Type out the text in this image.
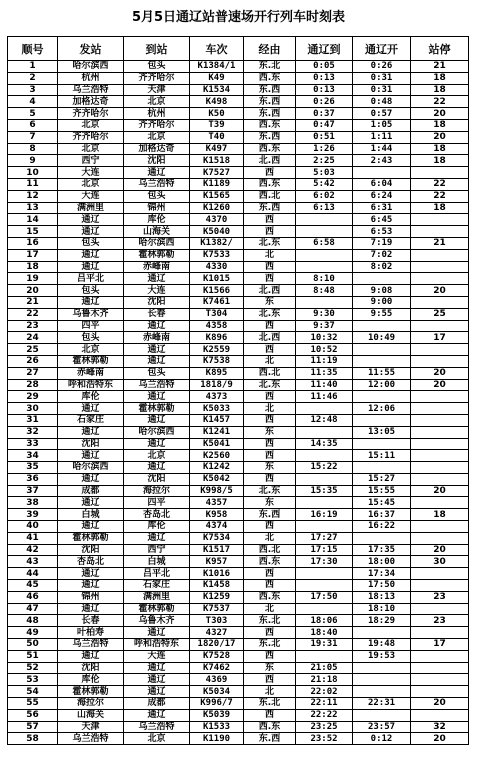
5月5日通辽站普速场开行列车时刻表
顺号	发站	到站	车次	经由	通辽到	通辽开	站停
1	哈尔滨西	包头	K1384/1	东.北	0:05	0:26	21
2	杭州	齐齐哈尔	K49	西.东	0:13	0:31	18
3	乌兰浩特	天津	K1534	东.西	0:13	0:31	18
4	加格达奇	北京	K498	东.西	0:26	0:48	22
5	齐齐哈尔	杭州	K50	东.西	0:37	0:57	20
6	北京	齐齐哈尔	T39	西.东	0:47	1:05	18
7	齐齐哈尔	北京	T40	东.西	0:51	1:11	20
8	北京	加格达奇	K497	西.东	1:26	1:44	18
9	西宁	沈阳	K1518	北.西	2:25	2:43	18
10	大连	通辽	K7527	西	5:03		
11	北京	乌兰浩特	K1189	西.东	5:42	6:04	22
12	大连	包头	K1565	西.北	6:02	6:24	22
13	满洲里	锦州	K1260	东.西	6:13	6:31	18
14	通辽	库伦	4370	西		6:45	
15	通辽	山海关	K5040	西		6:53	
16	包头	哈尔滨西	K1382/	北.东	6:58	7:19	21
17	通辽	霍林郭勒	K7533	北		7:02	
18	通辽	赤峰南	4330	西		8:02	
19	吕平北	通辽	K1015	西	8:10		
20	包头	大连	K1566	北.西	8:48	9:08	20
21	通辽	沈阳	K7461	东		9:00	
22	乌鲁木齐	长春	T304	北.东	9:30	9:55	25
23	四平	通辽	4358	西	9:37		
24	包头	赤峰南	K896	北.西	10:32	10:49	17
25	北京	通辽	K2559	西	10:52		
26	霍林郭勒	通辽	K7538	北	11:19		
27	赤峰南	包头	K895	西.北	11:35	11:55	20
28	呼和浩特东	乌兰浩特	1818/9	北.东	11:40	12:00	20
29	库伦	通辽	4373	西	11:46		
30	通辽	霍林郭勒	K5033	北		12:06	
31	石家庄	通辽	K1457	西	12:48		
32	通辽	哈尔滨西	K1241	东		13:05	
33	沈阳	通辽	K5041	西	14:35		
34	通辽	北京	K2560	西		15:11	
35	哈尔滨西	通辽	K1242	东	15:22		
36	通辽	沈阳	K5042	西		15:27	
37	成都	海拉尔	K998/5	北.东	15:35	15:55	20
38	通辽	四平	4357	东		15:45	
39	白城	杏岛北	K958	东.西	16:19	16:37	18
40	通辽	库伦	4374	西		16:22	
41	霍林郭勒	通辽	K7534	北	17:27		
42	沈阳	西宁	K1517	西.北	17:15	17:35	20
43	杏岛北	白城	K957	西.东	17:30	18:00	30
44	通辽	吕平北	K1016	西		17:34	
45	通辽	石家庄	K1458	西		17:50	
46	锦州	满洲里	K1259	西.东	17:50	18:13	23
47	通辽	霍林郭勒	K7537	北		18:10	
48	长春	乌鲁木齐	T303	东.北	18:06	18:29	23
49	叶柏寿	通辽	4327	西	18:40		
50	乌兰浩特	呼和浩特东	1820/17	东.北	19:31	19:48	17
51	通辽	大连	K7528	西		19:53	
52	沈阳	通辽	K7462	东	21:05		
53	库伦	通辽	4369	西	21:18		
54	霍林郭勒	通辽	K5034	北	22:02		
55	海拉尔	成都	K996/7	东.北	22:11	22:31	20
56	山海关	通辽	K5039	西	22:22		
57	天津	乌兰浩特	K1533	西.东	23:25	23:57	32
58	乌兰浩特	北京	K1190	东.西	23:52	0:12	20
